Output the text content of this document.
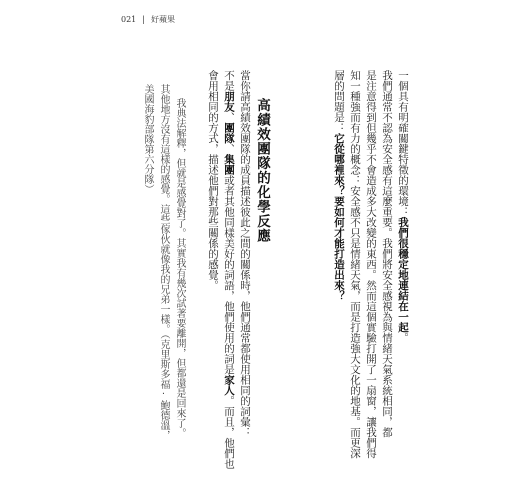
021 | 好蘋果
一個具有明確關鍵特徵的環境：我們很穩定地連結在一起。
我們通常不認為安全感有這麼重要。我們將安全感視為與情緒天氣系統相同，都
是注意得到但幾乎不會造成多大改變的東西。然而這個實驗打開了一扇窗，讓我們得
知一種強而有力的概念：安全感不只是情緒天氣，而是打造強大文化的地基。而更深
層的問題是：它從哪裡來？要如何才能打造出來？
高績效團隊的化學反應
當你請高績效團隊的成員描述彼此之間的關係時，他們通常都使用相同的詞彙：
不是朋友、團隊、集團或者其他同樣美好的詞語，他們使用的詞是家人。而且，他們也
會用相同的方式，描述他們對那些關係的感覺。
我典法解釋，但就是感覺對了。其實我有幾次試著要離開，但都還是回來了。
其他地方沒有這樣的感覺。這些傢伙就像我的兄弟一樣。（克里斯多福‧鮑德溫，
美國海豹部隊第六分隊）
